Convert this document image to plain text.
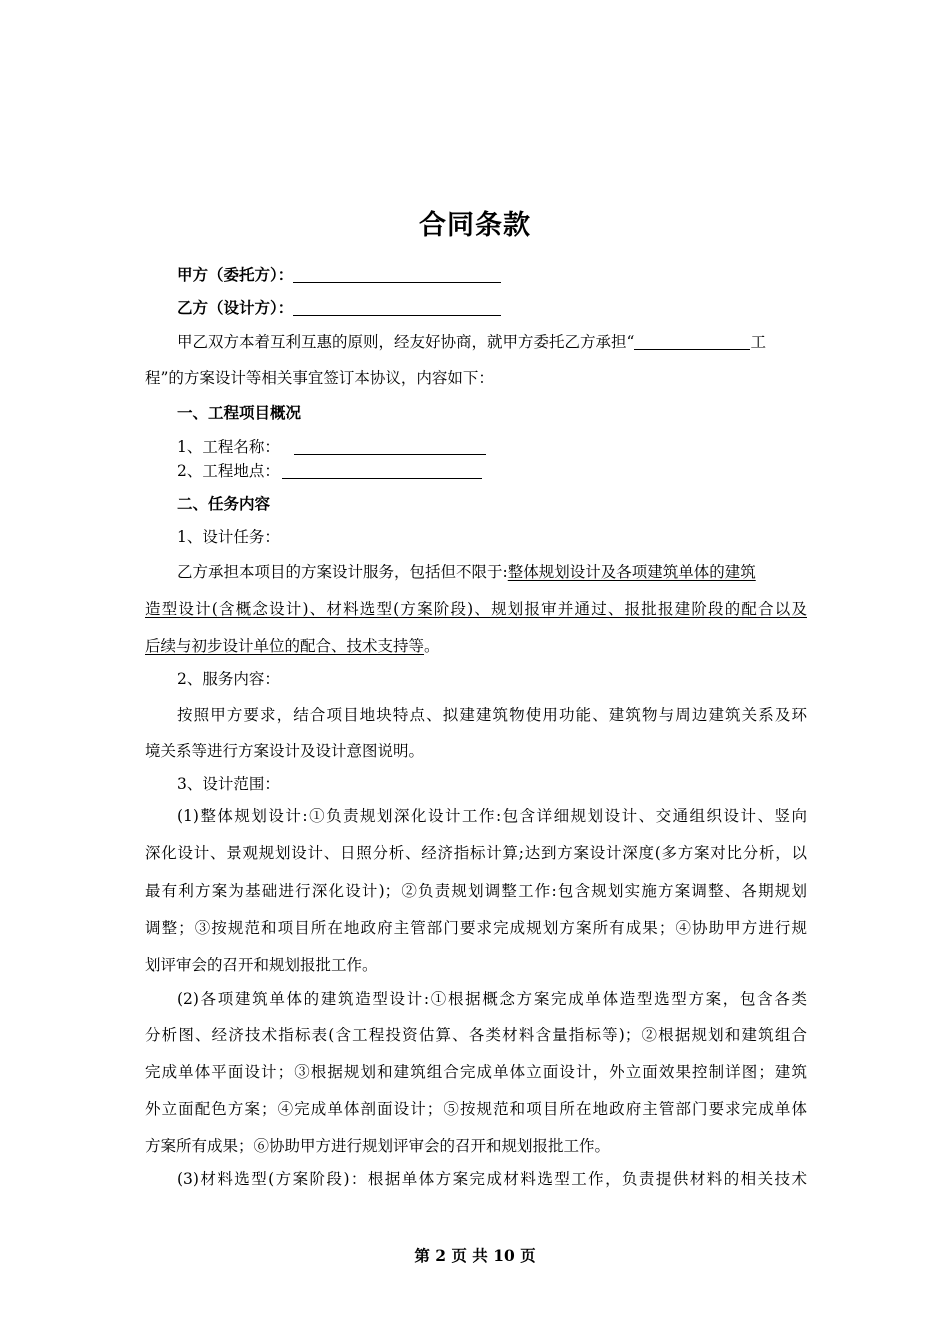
合同条款
甲方（委托方）：
乙方（设计方）：
甲乙双方本着互利互惠的原则，经友好协商，就甲方委托乙方承担“	工
程”的方案设计等相关事宜签订本协议，内容如下：
一、工程项目概况
1、工程名称：
2、工程地点：
二、任务内容
1、设计任务：
乙方承担本项目的方案设计服务，包括但不限于:整体规划设计及各项建筑单体的建筑
造型设计(含概念设计)、材料选型(方案阶段)、规划报审并通过、报批报建阶段的配合以及
后续与初步设计单位的配合、技术支持等。
2、服务内容：
按照甲方要求，结合项目地块特点、拟建建筑物使用功能、建筑物与周边建筑关系及环
境关系等进行方案设计及设计意图说明。
3、设计范围：
(1)整体规划设计:①负责规划深化设计工作:包含详细规划设计、交通组织设计、竖向
深化设计、景观规划设计、日照分析、经济指标计算;达到方案设计深度(多方案对比分析，以
最有利方案为基础进行深化设计)；②负责规划调整工作:包含规划实施方案调整、各期规划
调整；③按规范和项目所在地政府主管部门要求完成规划方案所有成果；④协助甲方进行规
划评审会的召开和规划报批工作。
(2)各项建筑单体的建筑造型设计:①根据概念方案完成单体造型选型方案，包含各类
分析图、经济技术指标表(含工程投资估算、各类材料含量指标等)；②根据规划和建筑组合
完成单体平面设计；③根据规划和建筑组合完成单体立面设计，外立面效果控制详图；建筑
外立面配色方案；④完成单体剖面设计；⑤按规范和项目所在地政府主管部门要求完成单体
方案所有成果；⑥协助甲方进行规划评审会的召开和规划报批工作。
(3)材料选型(方案阶段)：根据单体方案完成材料选型工作，负责提供材料的相关技术
第 2 页 共 10 页
